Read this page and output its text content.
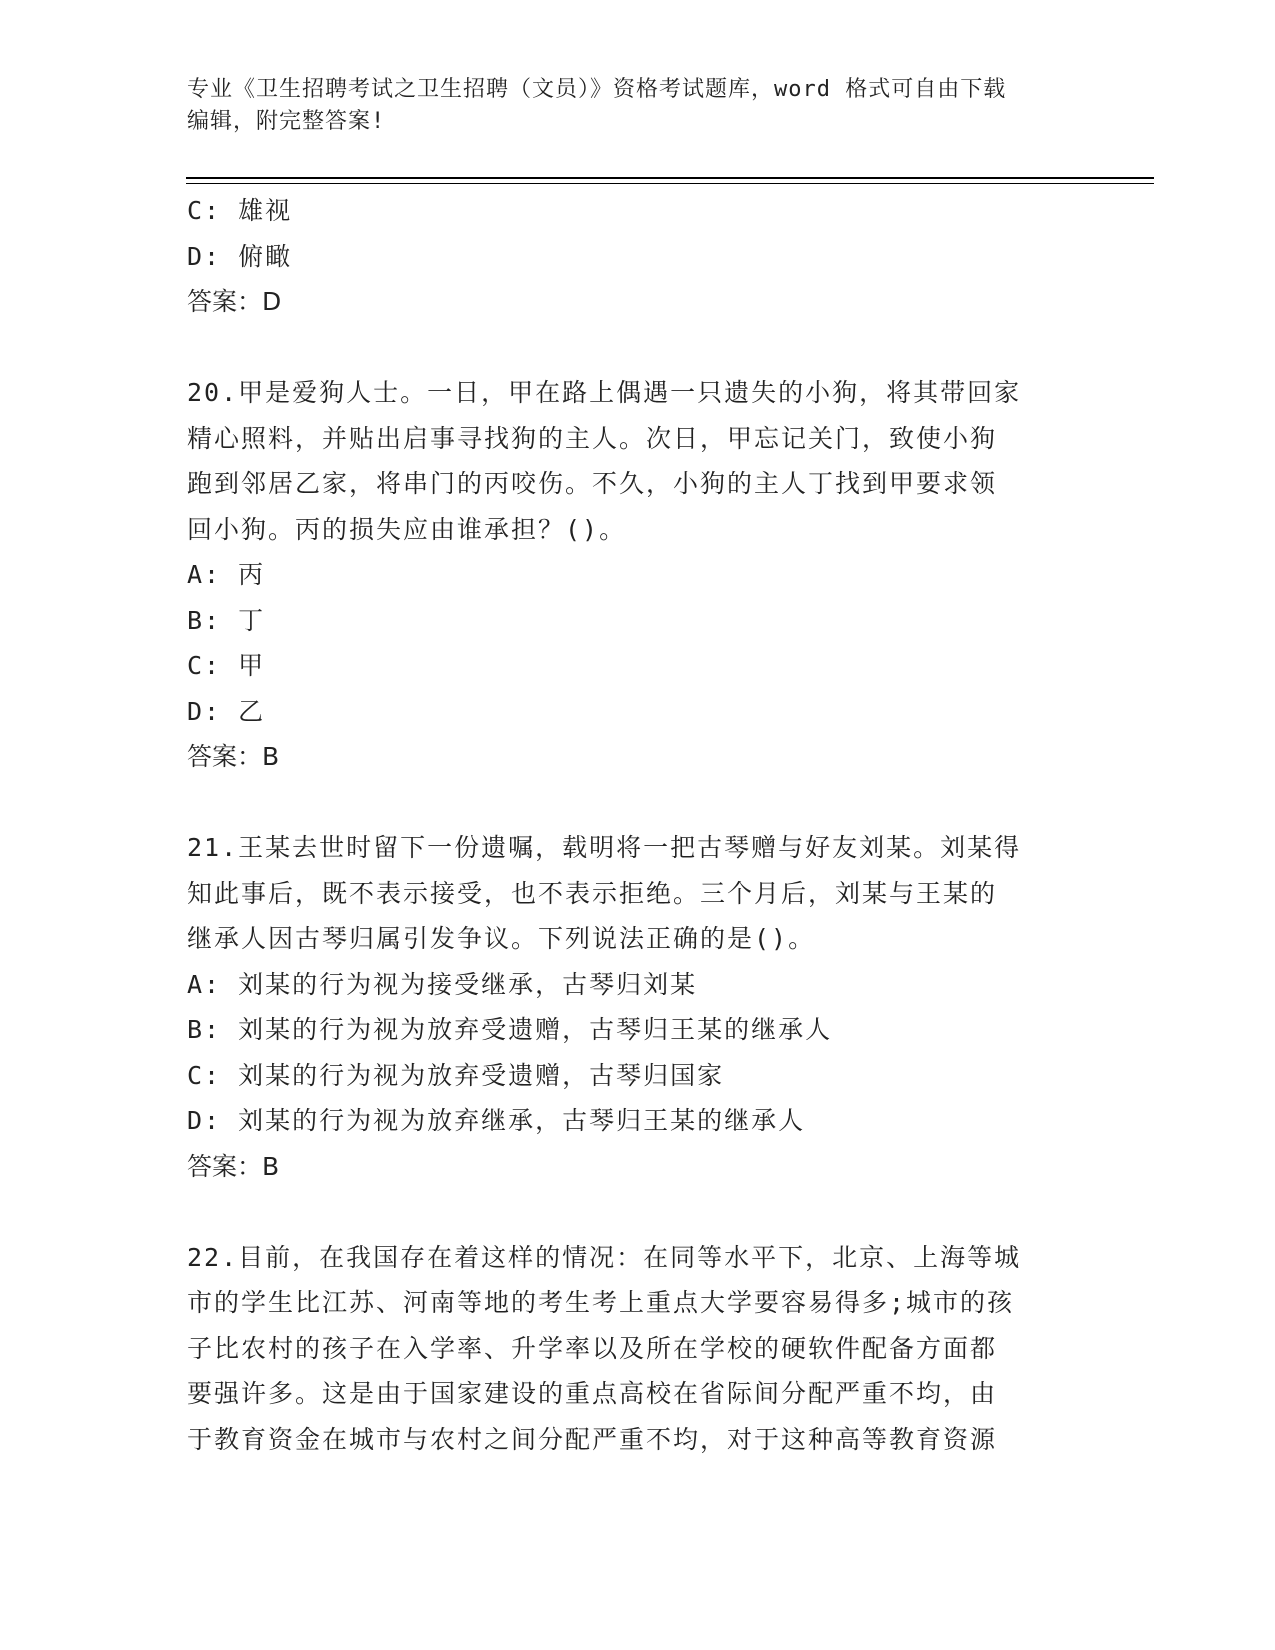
专业《卫生招聘考试之卫生招聘（文员）》资格考试题库，word 格式可自由下载
编辑，附完整答案!
C: 雄视
D: 俯瞰
答案：D
20.甲是爱狗人士。一日，甲在路上偶遇一只遗失的小狗，将其带回家
精心照料，并贴出启事寻找狗的主人。次日，甲忘记关门，致使小狗
跑到邻居乙家，将串门的丙咬伤。不久，小狗的主人丁找到甲要求领
回小狗。丙的损失应由谁承担？()。
A: 丙
B: 丁
C: 甲
D: 乙
答案：B
21.王某去世时留下一份遗嘱，载明将一把古琴赠与好友刘某。刘某得
知此事后，既不表示接受，也不表示拒绝。三个月后，刘某与王某的
继承人因古琴归属引发争议。下列说法正确的是()。
A: 刘某的行为视为接受继承，古琴归刘某
B: 刘某的行为视为放弃受遗赠，古琴归王某的继承人
C: 刘某的行为视为放弃受遗赠，古琴归国家
D: 刘某的行为视为放弃继承，古琴归王某的继承人
答案：B
22.目前，在我国存在着这样的情况：在同等水平下，北京、上海等城
市的学生比江苏、河南等地的考生考上重点大学要容易得多;城市的孩
子比农村的孩子在入学率、升学率以及所在学校的硬软件配备方面都
要强许多。这是由于国家建设的重点高校在省际间分配严重不均，由
于教育资金在城市与农村之间分配严重不均，对于这种高等教育资源
